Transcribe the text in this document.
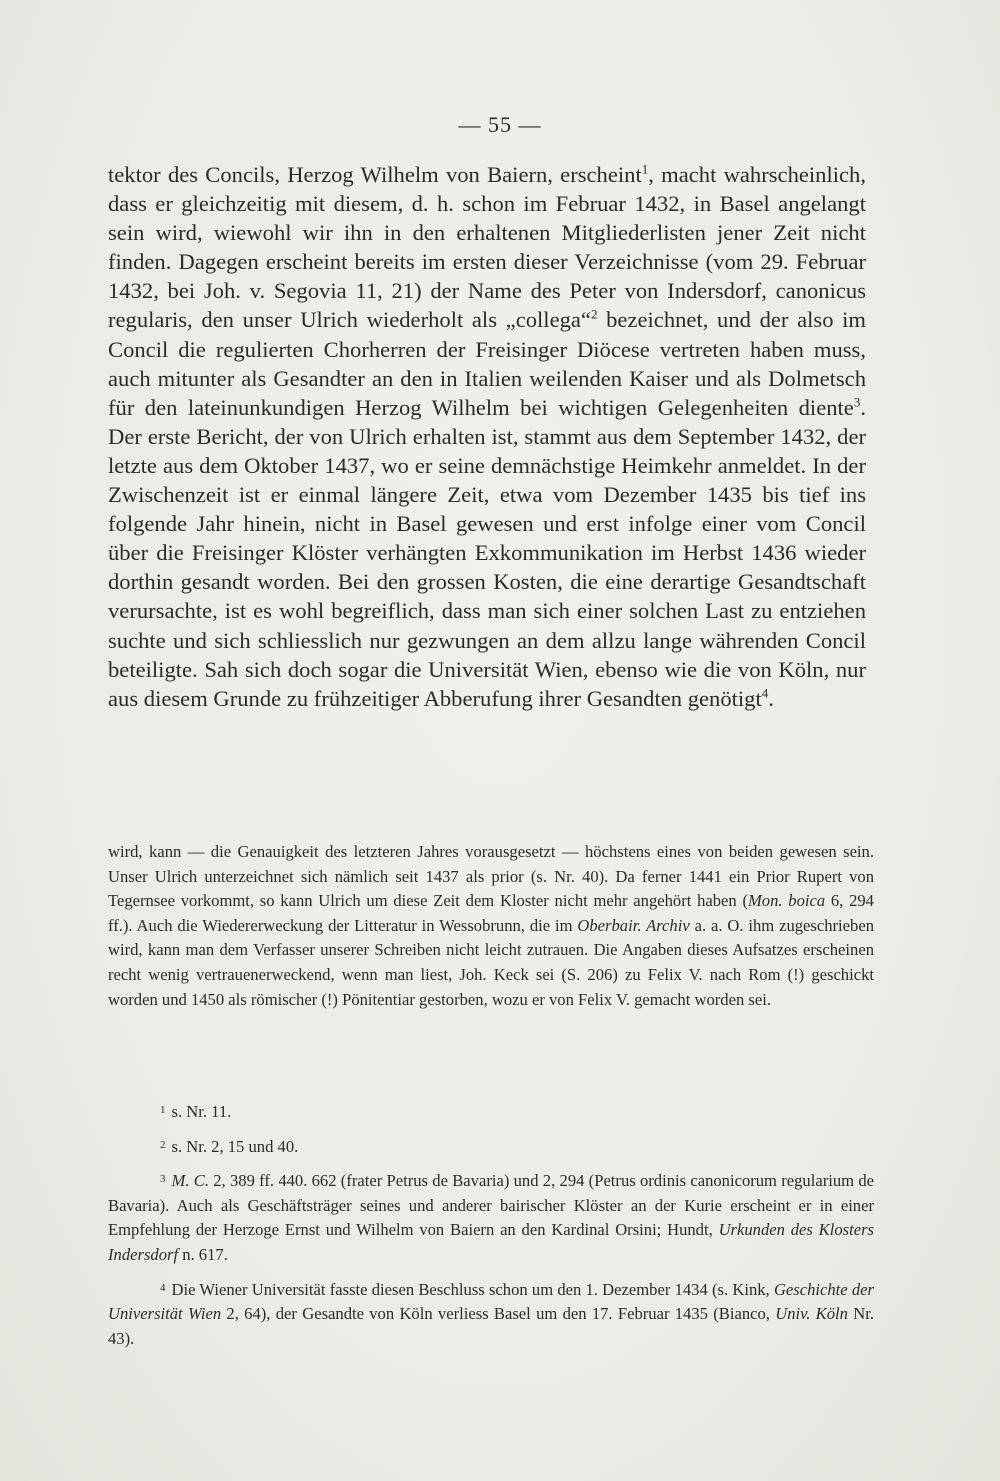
— 55 —

tektor des Concils, Herzog Wilhelm von Baiern, erscheint$^1$, macht wahrscheinlich, dass er gleichzeitig mit diesem, d. h. schon im Februar 1432, in Basel angelangt sein wird, wiewohl wir ihn in den erhaltenen Mitgliederlisten jener Zeit nicht finden. Dagegen erscheint bereits im ersten dieser Verzeichnisse (vom 29. Februar 1432, bei Joh. v. Segovia 11, 21) der Name des Peter von Indersdorf, canonicus regularis, den unser Ulrich wiederholt als „collega“$^2$ bezeichnet, und der also im Concil die regulierten Chorherren der Freisinger Diöcese vertreten haben muss, auch mitunter als Gesandter an den in Italien weilenden Kaiser und als Dolmetsch für den lateinunkundigen Herzog Wilhelm bei wichtigen Gelegenheiten diente$^3$. Der erste Bericht, der von Ulrich erhalten ist, stammt aus dem September 1432, der letzte aus dem Oktober 1437, wo er seine demnächstige Heimkehr anmeldet. In der Zwischenzeit ist er einmal längere Zeit, etwa vom Dezember 1435 bis tief ins folgende Jahr hinein, nicht in Basel gewesen und erst infolge einer vom Concil über die Freisinger Klöster verhängten Exkommunikation im Herbst 1436 wieder dorthin gesandt worden. Bei den grossen Kosten, die eine derartige Gesandtschaft verursachte, ist es wohl begreiflich, dass man sich einer solchen Last zu entziehen suchte und sich schliesslich nur gezwungen an dem allzu lange währenden Concil beteiligte. Sah sich doch sogar die Universität Wien, ebenso wie die von Köln, nur aus diesem Grunde zu frühzeitiger Abberufung ihrer Gesandten genötigt$^4$.

wird, kann — die Genauigkeit des letzteren Jahres vorausgesetzt — höchstens eines von beiden gewesen sein. Unser Ulrich unterzeichnet sich nämlich seit 1437 als prior (s. Nr. 40). Da ferner 1441 ein Prior Rupert von Tegernsee vorkommt, so kann Ulrich um diese Zeit dem Kloster nicht mehr angehört haben (Mon. boica 6, 294 ff.). Auch die Wiedererweckung der Litteratur in Wessobrunn, die im Oberbair. Archiv a. a. O. ihm zugeschrieben wird, kann man dem Verfasser unserer Schreiben nicht leicht zutrauen. Die Angaben dieses Aufsatzes erscheinen recht wenig vertrauenerweckend, wenn man liest, Joh. Keck sei (S. 206) zu Felix V. nach Rom (!) geschickt worden und 1450 als römischer (!) Pönitentiar gestorben, wozu er von Felix V. gemacht worden sei.

$^1$ s. Nr. 11.

$^2$ s. Nr. 2, 15 und 40.

$^3$ M. C. 2, 389 ff. 440. 662 (frater Petrus de Bavaria) und 2, 294 (Petrus ordinis canonicorum regularium de Bavaria). Auch als Geschäftsträger seines und anderer bairischer Klöster an der Kurie erscheint er in einer Empfehlung der Herzoge Ernst und Wilhelm von Baiern an den Kardinal Orsini; Hundt, Urkunden des Klosters Indersdorf n. 617.

$^4$ Die Wiener Universität fasste diesen Beschluss schon um den 1. Dezember 1434 (s. Kink, Geschichte der Universität Wien 2, 64), der Gesandte von Köln verliess Basel um den 17. Februar 1435 (Bianco, Univ. Köln Nr. 43).
